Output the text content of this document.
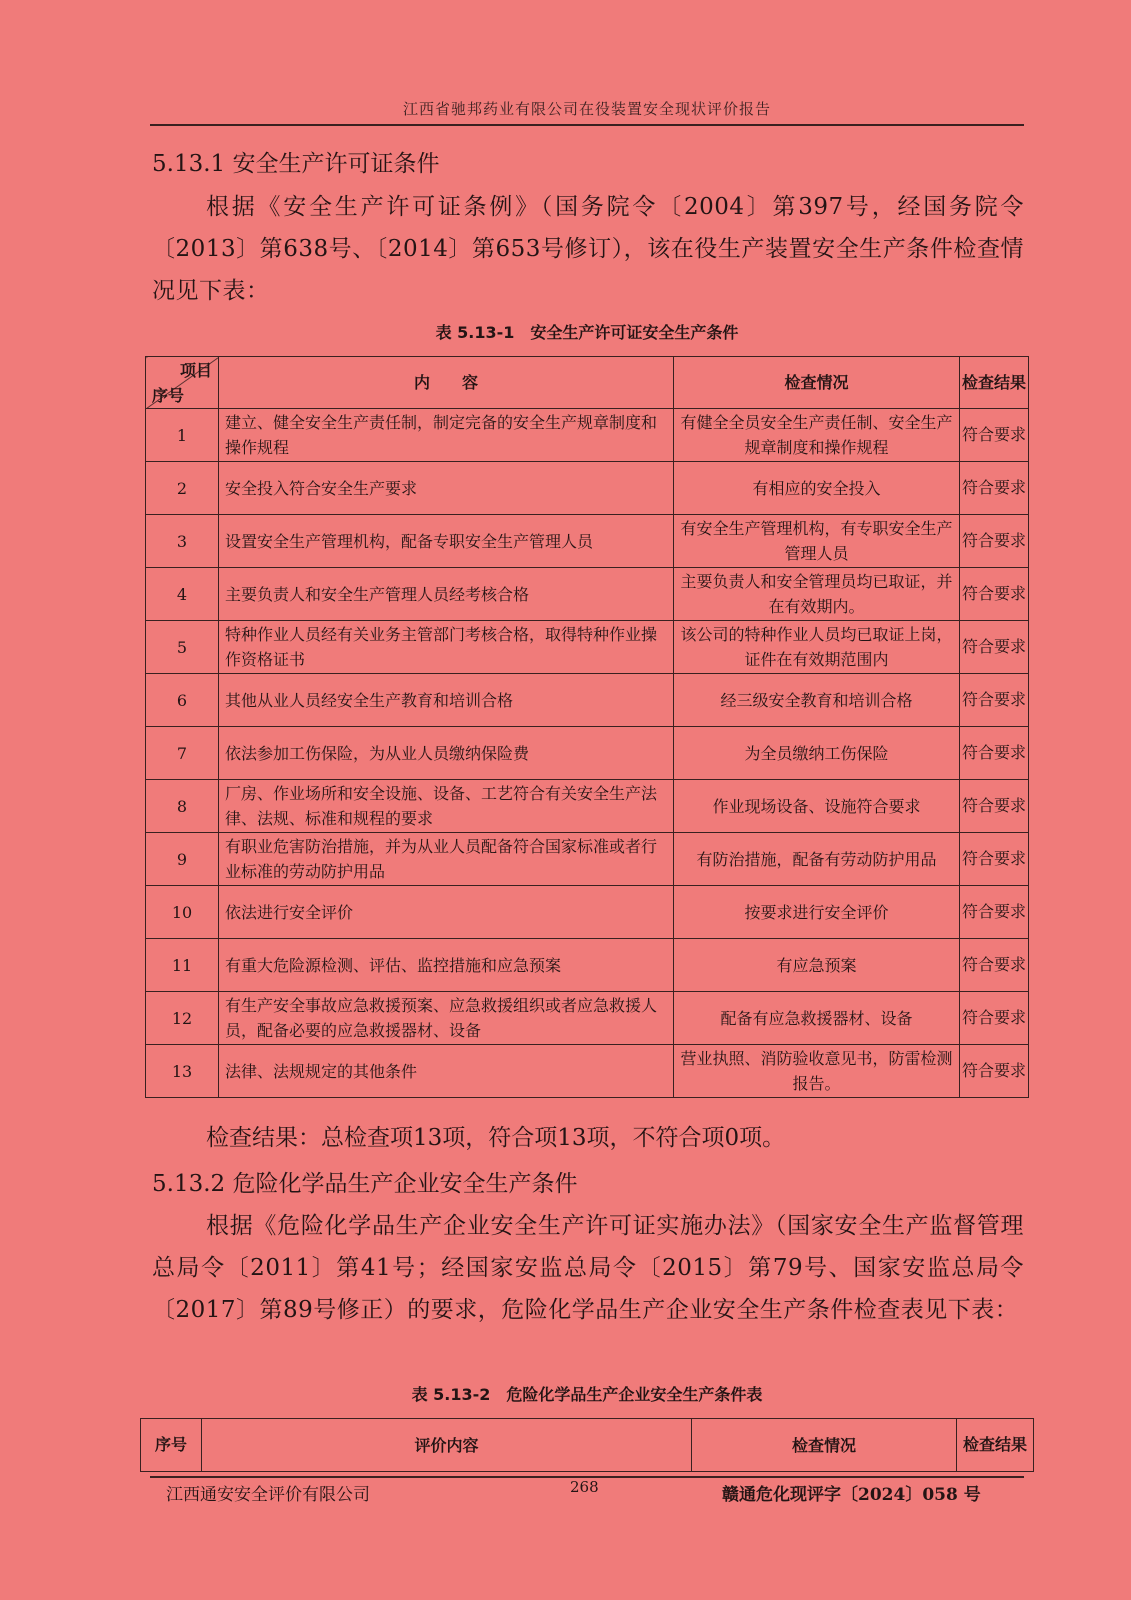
江西省驰邦药业有限公司在役装置安全现状评价报告
5.13.1 安全生产许可证条件
根据《安全生产许可证条例》（国务院令〔2004〕第397号，经国务院令〔2013〕第638号、〔2014〕第653号修订），该在役生产装置安全生产条件检查情况见下表：
表 5.13-1　安全生产许可证安全生产条件
项目
序号	内　　容	检查情况	检查结果
1	建立、健全安全生产责任制，制定完备的安全生产规章制度和操作规程	有健全全员安全生产责任制、安全生产规章制度和操作规程	符合要求
2	安全投入符合安全生产要求	有相应的安全投入	符合要求
3	设置安全生产管理机构，配备专职安全生产管理人员	有安全生产管理机构，有专职安全生产管理人员	符合要求
4	主要负责人和安全生产管理人员经考核合格	主要负责人和安全管理员均已取证，并在有效期内。	符合要求
5	特种作业人员经有关业务主管部门考核合格，取得特种作业操作资格证书	该公司的特种作业人员均已取证上岗，证件在有效期范围内	符合要求
6	其他从业人员经安全生产教育和培训合格	经三级安全教育和培训合格	符合要求
7	依法参加工伤保险，为从业人员缴纳保险费	为全员缴纳工伤保险	符合要求
8	厂房、作业场所和安全设施、设备、工艺符合有关安全生产法律、法规、标准和规程的要求	作业现场设备、设施符合要求	符合要求
9	有职业危害防治措施，并为从业人员配备符合国家标准或者行业标准的劳动防护用品	有防治措施，配备有劳动防护用品	符合要求
10	依法进行安全评价	按要求进行安全评价	符合要求
11	有重大危险源检测、评估、监控措施和应急预案	有应急预案	符合要求
12	有生产安全事故应急救援预案、应急救援组织或者应急救援人员，配备必要的应急救援器材、设备	配备有应急救援器材、设备	符合要求
13	法律、法规规定的其他条件	营业执照、消防验收意见书，防雷检测报告。	符合要求
检查结果：总检查项13项，符合项13项，不符合项0项。
5.13.2 危险化学品生产企业安全生产条件
根据《危险化学品生产企业安全生产许可证实施办法》（国家安全生产监督管理总局令〔2011〕第41号；经国家安监总局令〔2015〕第79号、国家安监总局令〔2017〕第89号修正）的要求，危险化学品生产企业安全生产条件检查表见下表：
表 5.13-2　危险化学品生产企业安全生产条件表
序号	评价内容	检查情况	检查结果
江西通安安全评价有限公司	268	赣通危化现评字〔2024〕058 号
